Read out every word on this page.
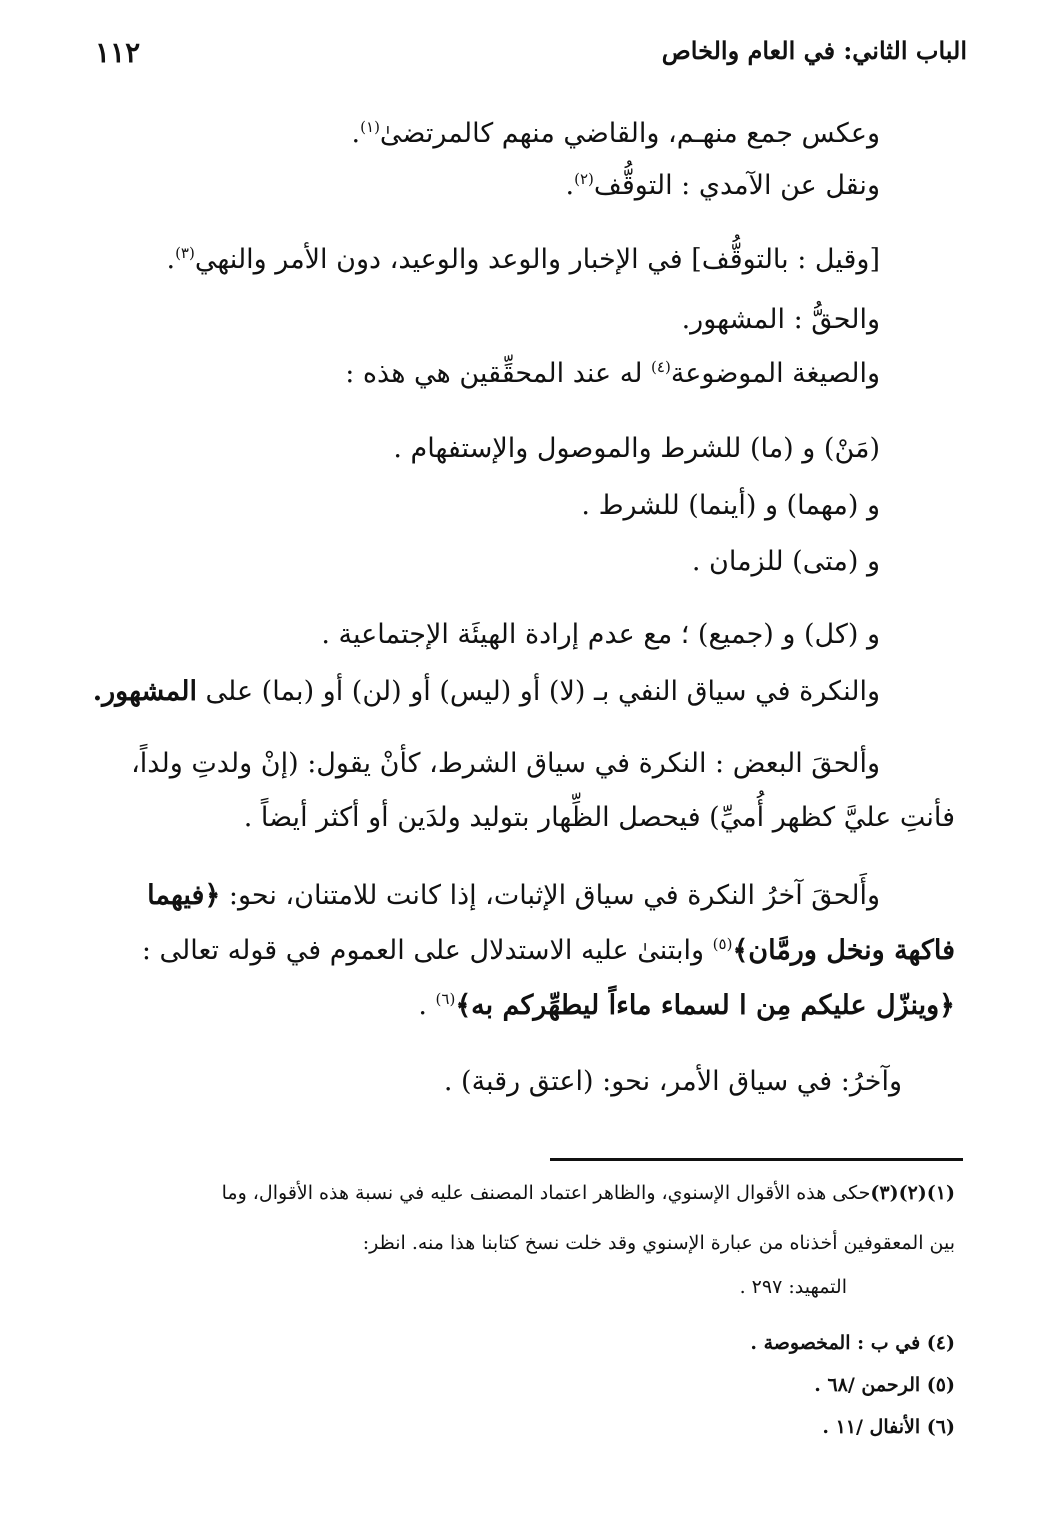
الباب الثاني: في العام والخاص
١١٢
وعكس جمع منهـم، والقاضي منهم كالمرتضىٰ$^{(١)}$.
ونقل عن الآمدي : التوقُّف$^{(٢)}$.
[وقيل : بالتوقُّف] في الإخبار والوعد والوعيد، دون الأمر والنهي$^{(٣)}$.
والحقُّ : المشهور.
والصيغة الموضوعة$^{(٤)}$ له عند المحقِّقين هي هذه :
(مَنْ) و (ما) للشرط والموصول والإستفهام .
و (مهما) و (أينما) للشرط .
و (متى) للزمان .
و (كل) و (جميع) ؛ مع عدم إرادة الهيئَة الإجتماعية .
والنكرة في سياق النفي بـ (لا) أو (ليس) أو (لن) أو (بما) على المشهور.
وألحقَ البعض : النكرة في سياق الشرط، كأنْ يقول: (إنْ ولدتِ ولداً،
فأنتِ عليَّ كظهر أُميِّ) فيحصل الظِّهار بتوليد ولدَين أو أكثر أيضاً .
وأَلحقَ آخرُ النكرة في سياق الإثبات، إذا كانت للامتنان، نحو: ﴿فيهما
فاكهة ونخل ورمَّان﴾$^{(٥)}$ وابتنىٰ عليه الاستدلال على العموم في قوله تعالى :
﴿وينزّل عليكم مِن ا لسماء ماءاً ليطهِّركم به﴾$^{(٦)}$ .
وآخرُ: في سياق الأمر، نحو: (اعتق رقبة) .
(١)(٢)(٣)حكى هذه الأقوال الإسنوي، والظاهر اعتماد المصنف عليه في نسبة هذه الأقوال، وما
بين المعقوفين أخذناه من عبارة الإسنوي وقد خلت نسخ كتابنا هذا منه. انظر:
التمهيد: ٢٩٧ .
(٤) في ب : المخصوصة .
(٥) الرحمن /٦٨ .
(٦) الأنفال /١١ .
